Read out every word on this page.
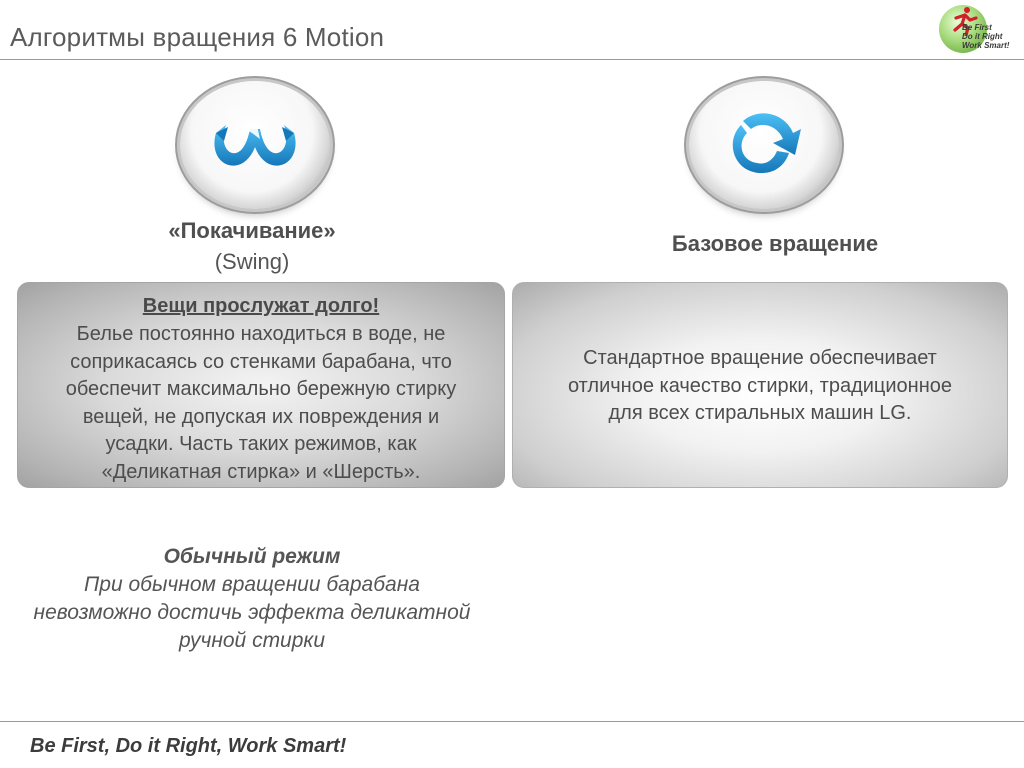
Алгоритмы вращения 6 Motion	Be First
Do it Right
Work Smart!
«Покачивание»
(Swing)
Базовое вращение
Вещи прослужат долго!
Белье постоянно находиться в воде, не
соприкасаясь со стенками барабана, что
обеспечит максимально бережную стирку
вещей, не допуская их повреждения и
усадки. Часть таких режимов, как
«Деликатная стирка» и «Шерсть».
Стандартное вращение обеспечивает
отличное качество стирки, традиционное
для всех стиральных машин LG.
Обычный режим
При обычном вращении барабана
невозможно достичь эффекта деликатной
ручной стирки
Be First, Do it Right, Work Smart!
